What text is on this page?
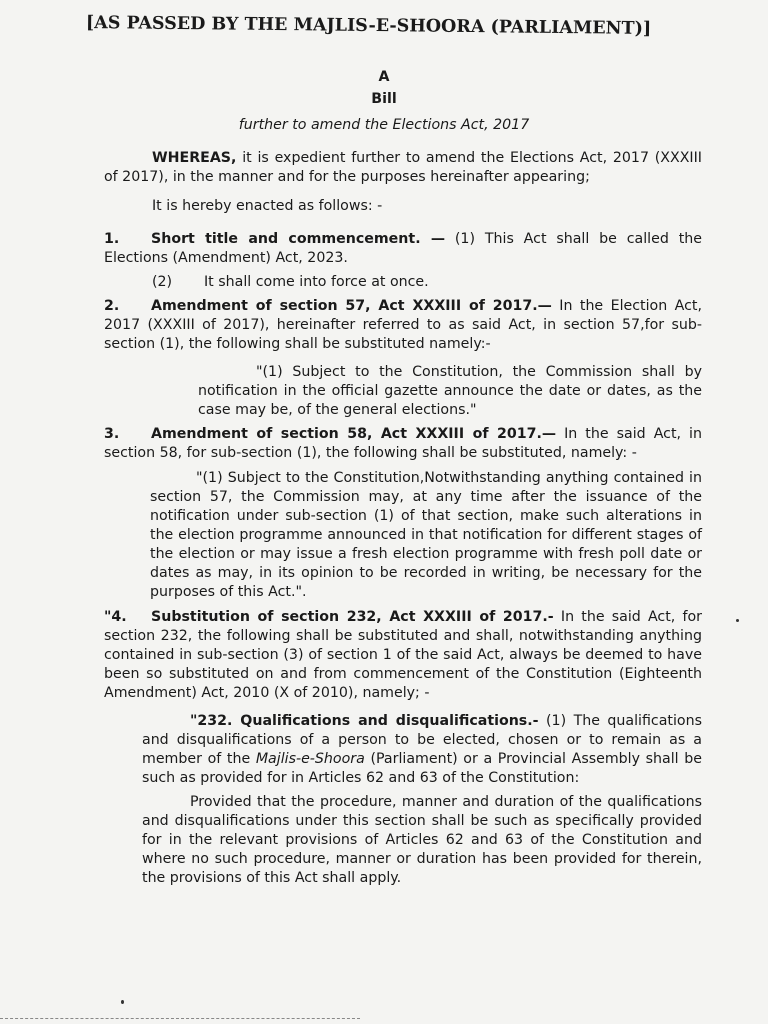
[AS PASSED BY THE MAJLIS-E-SHOORA (PARLIAMENT)]
A
Bill
further to amend the Elections Act, 2017
WHEREAS, it is expedient further to amend the Elections Act, 2017 (XXXIII of 2017), in the manner and for the purposes hereinafter appearing;
It is hereby enacted as follows: -
1. Short title and commencement. — (1) This Act shall be called the Elections (Amendment) Act, 2023.
(2) It shall come into force at once.
2. Amendment of section 57, Act XXXIII of 2017.— In the Election Act, 2017 (XXXIII of 2017), hereinafter referred to as said Act, in section 57,for sub-section (1), the following shall be substituted namely:-
"(1) Subject to the Constitution, the Commission shall by notification in the official gazette announce the date or dates, as the case may be, of the general elections."
3. Amendment of section 58, Act XXXIII of 2017.— In the said Act, in section 58, for sub-section (1), the following shall be substituted, namely: -
"(1) Subject to the Constitution,Notwithstanding anything contained in section 57, the Commission may, at any time after the issuance of the notification under sub-section (1) of that section, make such alterations in the election programme announced in that notification for different stages of the election or may issue a fresh election programme with fresh poll date or dates as may, in its opinion to be recorded in writing, be necessary for the purposes of this Act.".
"4. Substitution of section 232, Act XXXIII of 2017.- In the said Act, for section 232, the following shall be substituted and shall, notwithstanding anything contained in sub-section (3) of section 1 of the said Act, always be deemed to have been so substituted on and from commencement of the Constitution (Eighteenth Amendment) Act, 2010 (X of 2010), namely; -
"232. Qualifications and disqualifications.- (1) The qualifications and disqualifications of a person to be elected, chosen or to remain as a member of the Majlis-e-Shoora (Parliament) or a Provincial Assembly shall be such as provided for in Articles 62 and 63 of the Constitution:
Provided that the procedure, manner and duration of the qualifications and disqualifications under this section shall be such as specifically provided for in the relevant provisions of Articles 62 and 63 of the Constitution and where no such procedure, manner or duration has been provided for therein, the provisions of this Act shall apply.
